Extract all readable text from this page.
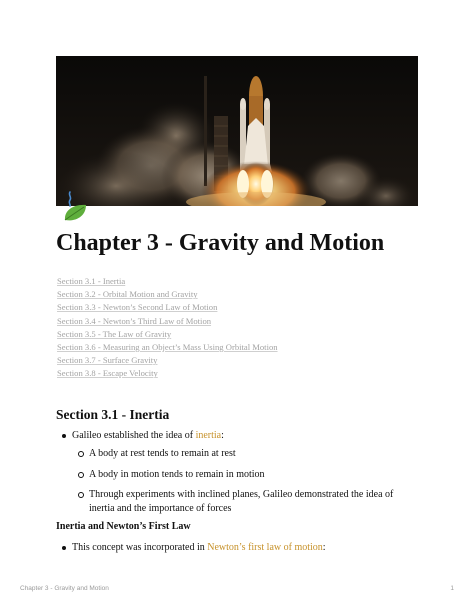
Chapter 3 - Gravity and Motion
Section 3.1 - Inertia
Section 3.2 - Orbital Motion and Gravity
Section 3.3 - Newton’s Second Law of Motion
Section 3.4 - Newton’s Third Law of Motion
Section 3.5 - The Law of Gravity
Section 3.6 - Measuring an Object’s Mass Using Orbital Motion
Section 3.7 - Surface Gravity
Section 3.8 - Escape Velocity
Section 3.1 - Inertia
Galileo established the idea of inertia:
A body at rest tends to remain at rest
A body in motion tends to remain in motion
Through experiments with inclined planes, Galileo demonstrated the idea of inertia and the importance of forces
Inertia and Newton’s First Law
This concept was incorporated in Newton’s first law of motion:
Chapter 3 - Gravity and Motion	1
